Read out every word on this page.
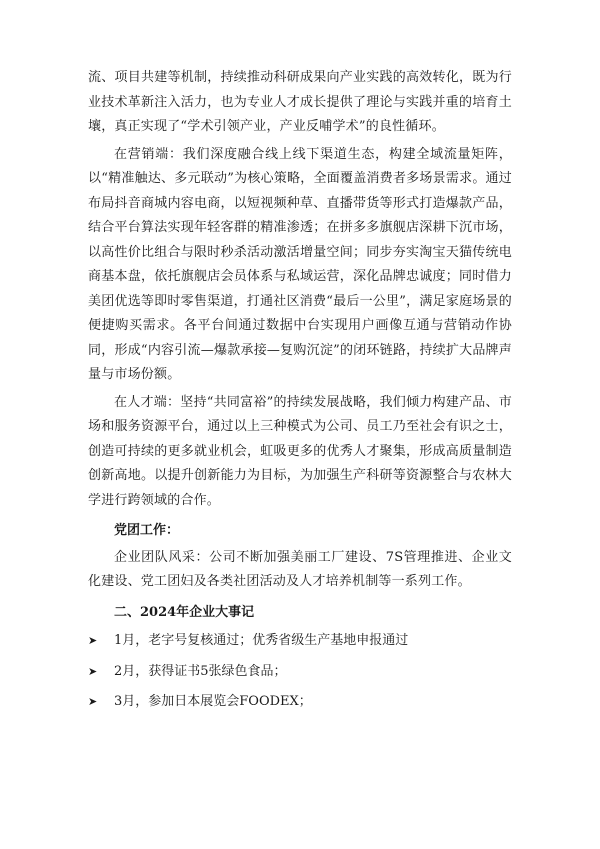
流、项目共建等机制，持续推动科研成果向产业实践的高效转化，既为行业技术革新注入活力，也为专业人才成长提供了理论与实践并重的培育土壤，真正实现了“学术引领产业，产业反哺学术”的良性循环。

在营销端：我们深度融合线上线下渠道生态，构建全域流量矩阵，以“精准触达、多元联动”为核心策略，全面覆盖消费者多场景需求。通过布局抖音商城内容电商，以短视频种草、直播带货等形式打造爆款产品，结合平台算法实现年轻客群的精准渗透；在拼多多旗舰店深耕下沉市场，以高性价比组合与限时秒杀活动激活增量空间；同步夯实淘宝天猫传统电商基本盘，依托旗舰店会员体系与私域运营，深化品牌忠诚度；同时借力美团优选等即时零售渠道，打通社区消费“最后一公里”，满足家庭场景的便捷购买需求。各平台间通过数据中台实现用户画像互通与营销动作协同，形成“内容引流—爆款承接—复购沉淀”的闭环链路，持续扩大品牌声量与市场份额。

在人才端：坚持“共同富裕”的持续发展战略，我们倾力构建产品、市场和服务资源平台，通过以上三种模式为公司、员工乃至社会有识之士，创造可持续的更多就业机会，虹吸更多的优秀人才聚集，形成高质量制造创新高地。以提升创新能力为目标，为加强生产科研等资源整合与农林大学进行跨领域的合作。

党团工作：

企业团队风采：公司不断加强美丽工厂建设、7S管理推进、企业文化建设、党工团妇及各类社团活动及人才培养机制等一系列工作。

二、2024年企业大事记
➤	1月，老字号复核通过；优秀省级生产基地申报通过
➤	2月，获得证书5张绿色食品；
➤	3月，参加日本展览会FOODEX；
